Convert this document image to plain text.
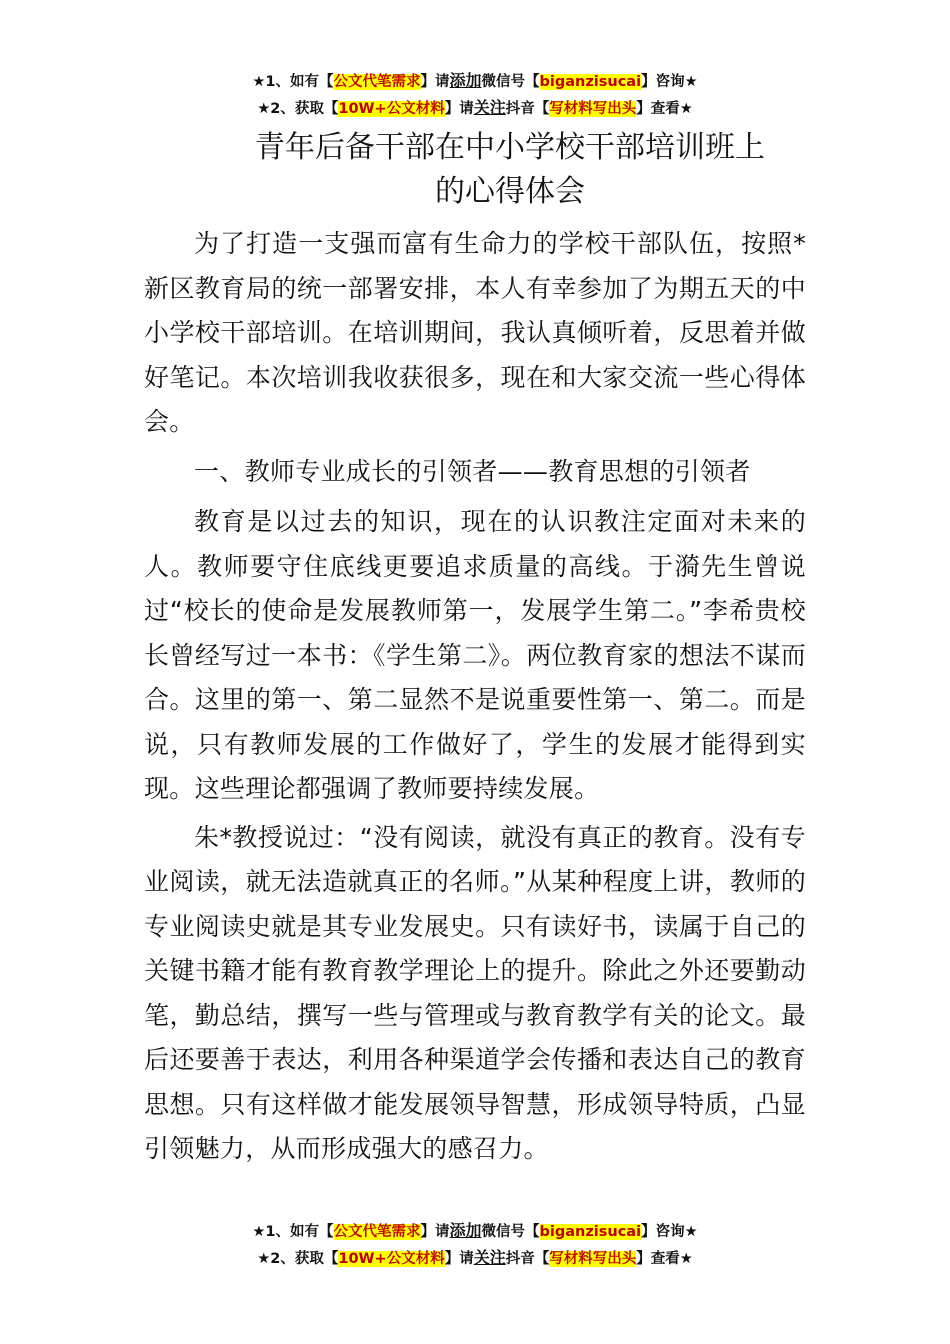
★1、如有【公文代笔需求】请添加微信号【biganzisucai】咨询★
★2、获取【10W+公文材料】请关注抖音【写材料写出头】查看★
青年后备干部在中小学校干部培训班上
的心得体会

为了打造一支强而富有生命力的学校干部队伍，按照*新区教育局的统一部署安排，本人有幸参加了为期五天的中小学校干部培训。在培训期间，我认真倾听着，反思着并做好笔记。本次培训我收获很多，现在和大家交流一些心得体会。

一、教师专业成长的引领者——教育思想的引领者

教育是以过去的知识，现在的认识教注定面对未来的人。教师要守住底线更要追求质量的高线。于漪先生曾说过“校长的使命是发展教师第一，发展学生第二。”李希贵校长曾经写过一本书：《学生第二》。两位教育家的想法不谋而合。这里的第一、第二显然不是说重要性第一、第二。而是说，只有教师发展的工作做好了，学生的发展才能得到实现。这些理论都强调了教师要持续发展。

朱*教授说过：“没有阅读，就没有真正的教育。没有专业阅读，就无法造就真正的名师。”从某种程度上讲，教师的专业阅读史就是其专业发展史。只有读好书，读属于自己的关键书籍才能有教育教学理论上的提升。除此之外还要勤动笔，勤总结，撰写一些与管理或与教育教学有关的论文。最后还要善于表达，利用各种渠道学会传播和表达自己的教育思想。只有这样做才能发展领导智慧，形成领导特质，凸显引领魅力，从而形成强大的感召力。

★1、如有【公文代笔需求】请添加微信号【biganzisucai】咨询★
★2、获取【10W+公文材料】请关注抖音【写材料写出头】查看★
